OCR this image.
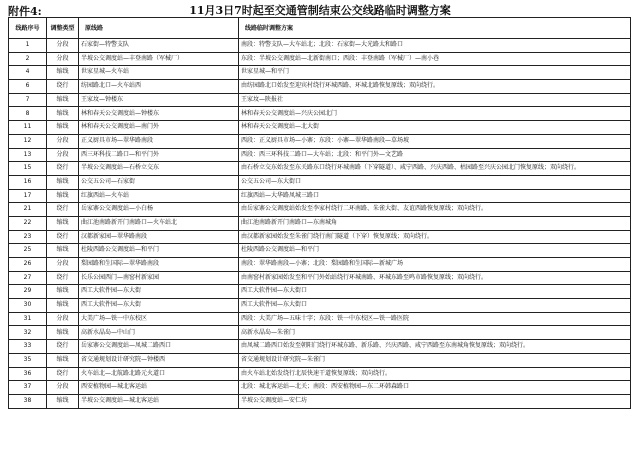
附件4:	11月3日7时起至交通管制结束公交线路临时调整方案
线路序号	调整类型	原线路	线路临时调整方案
1	分段	石家街—特警支队	南段：特警支队—大车站北；北段：石家街—大光路太和路口
2	分段	半坡公交调度站—丰登南路（军械厂）	东段：半坡公交调度站—北新街南口；西段：丰登南路（军械厂）—南小巷
4	缩线	世家星城—火车站	世家星城—和平门
6	绕行	纺园路北口—火车站西	由纺园路北口始发至迎宾村绕行环城西路、环城北路恢复原线；双向绕行。
7	缩线	王家坟—钟楼东	王家坟—陕报社
8	缩线	林和春天公交调度站—钟楼东	林和春天公交调度站—兴庆公园北门
11	缩线	林和春天公交调度站—南门外	林和春天公交调度站—北大街
12	分段	正义厨具市场—翠华路南段	西段：正义厨具市场—小寨；东段：小寨—翠华路南段—草场坡
13	分段	西三环科技二路口—和平门外	西段：西三环科技二路口—大车站；北段：和平门外—文艺路
15	绕行	半坡公交调度站—石桥立交东	由石桥立交东始发至东关路东口绕行环城南路（下穿隧道）、咸宁西路、兴庆西路、枯园路至兴庆公园北门恢复原线；双向绕行。
16	缩线	公交五公司—石家街	公交五公司—东大街口
17	缩线	红旗西站—火车站	红旗西站—大华路凤城三路口
21	绕行	岳家寨公交调度站—小白杨	由岳家寨公交调度站始发至李家村绕行二环南路、朱雀大街、友谊西路恢复原线；双向绕行。
22	缩线	曲江池南路新开门南路口—火车站北	曲江池南路新开门南路口—东南城角
23	绕行	汉都新家园—翠华路南段	由汉都新家园始发至朱雀门绕行南门隧道（下穿）恢复原线；双向绕行。
25	缩线	杜陵西路公交调度站—和平门	杜陵西路公交调度站—和平门
26	分段	梨园路和生国际—翠华路南段	南段：翠华路南段—小寨；北段：梨园路和生国际—新城广场
27	绕行	长乐公园西门—南窑村新家园	由南窑村新家园始发至和平门外始站绕行环城南路、环城东路至鸣市路恢复原线；双向绕行。
29	缩线	西工大软件园—东大街	西工大软件园—东大街口
30	缩线	西工大软件园—东大街	西工大软件园—东大街口
31	分段	大美广场—铁一中东校区	西段：大美广场—五味十字；东段：铁一中东校区—铁一路医院
32	缩线	高新水晶岛—中山门	高新水晶岛—朱雀门
33	绕行	岳家寨公交调度站—凤城二路西口	由凤城二路西口始发至朝阳门绕行环城东路、新乐路、兴庆西路、咸宁西路至东南城角恢复原线；双向绕行。
35	缩线	省交通规划设计研究院—钟楼西	省交通规划设计研究院—朱雀门
36	绕行	火车站北—北航路北路元火道口	由火车站北始发绕行北辰快速干道恢复原线；双向绕行。
37	分段	西安植物园—城北客运站	北段：城北客运站—北关；南段：西安植物园—东二环韩森路口
38	缩线	半坡公交调度站—城北客运站	半坡公交调度站—安仁坊
